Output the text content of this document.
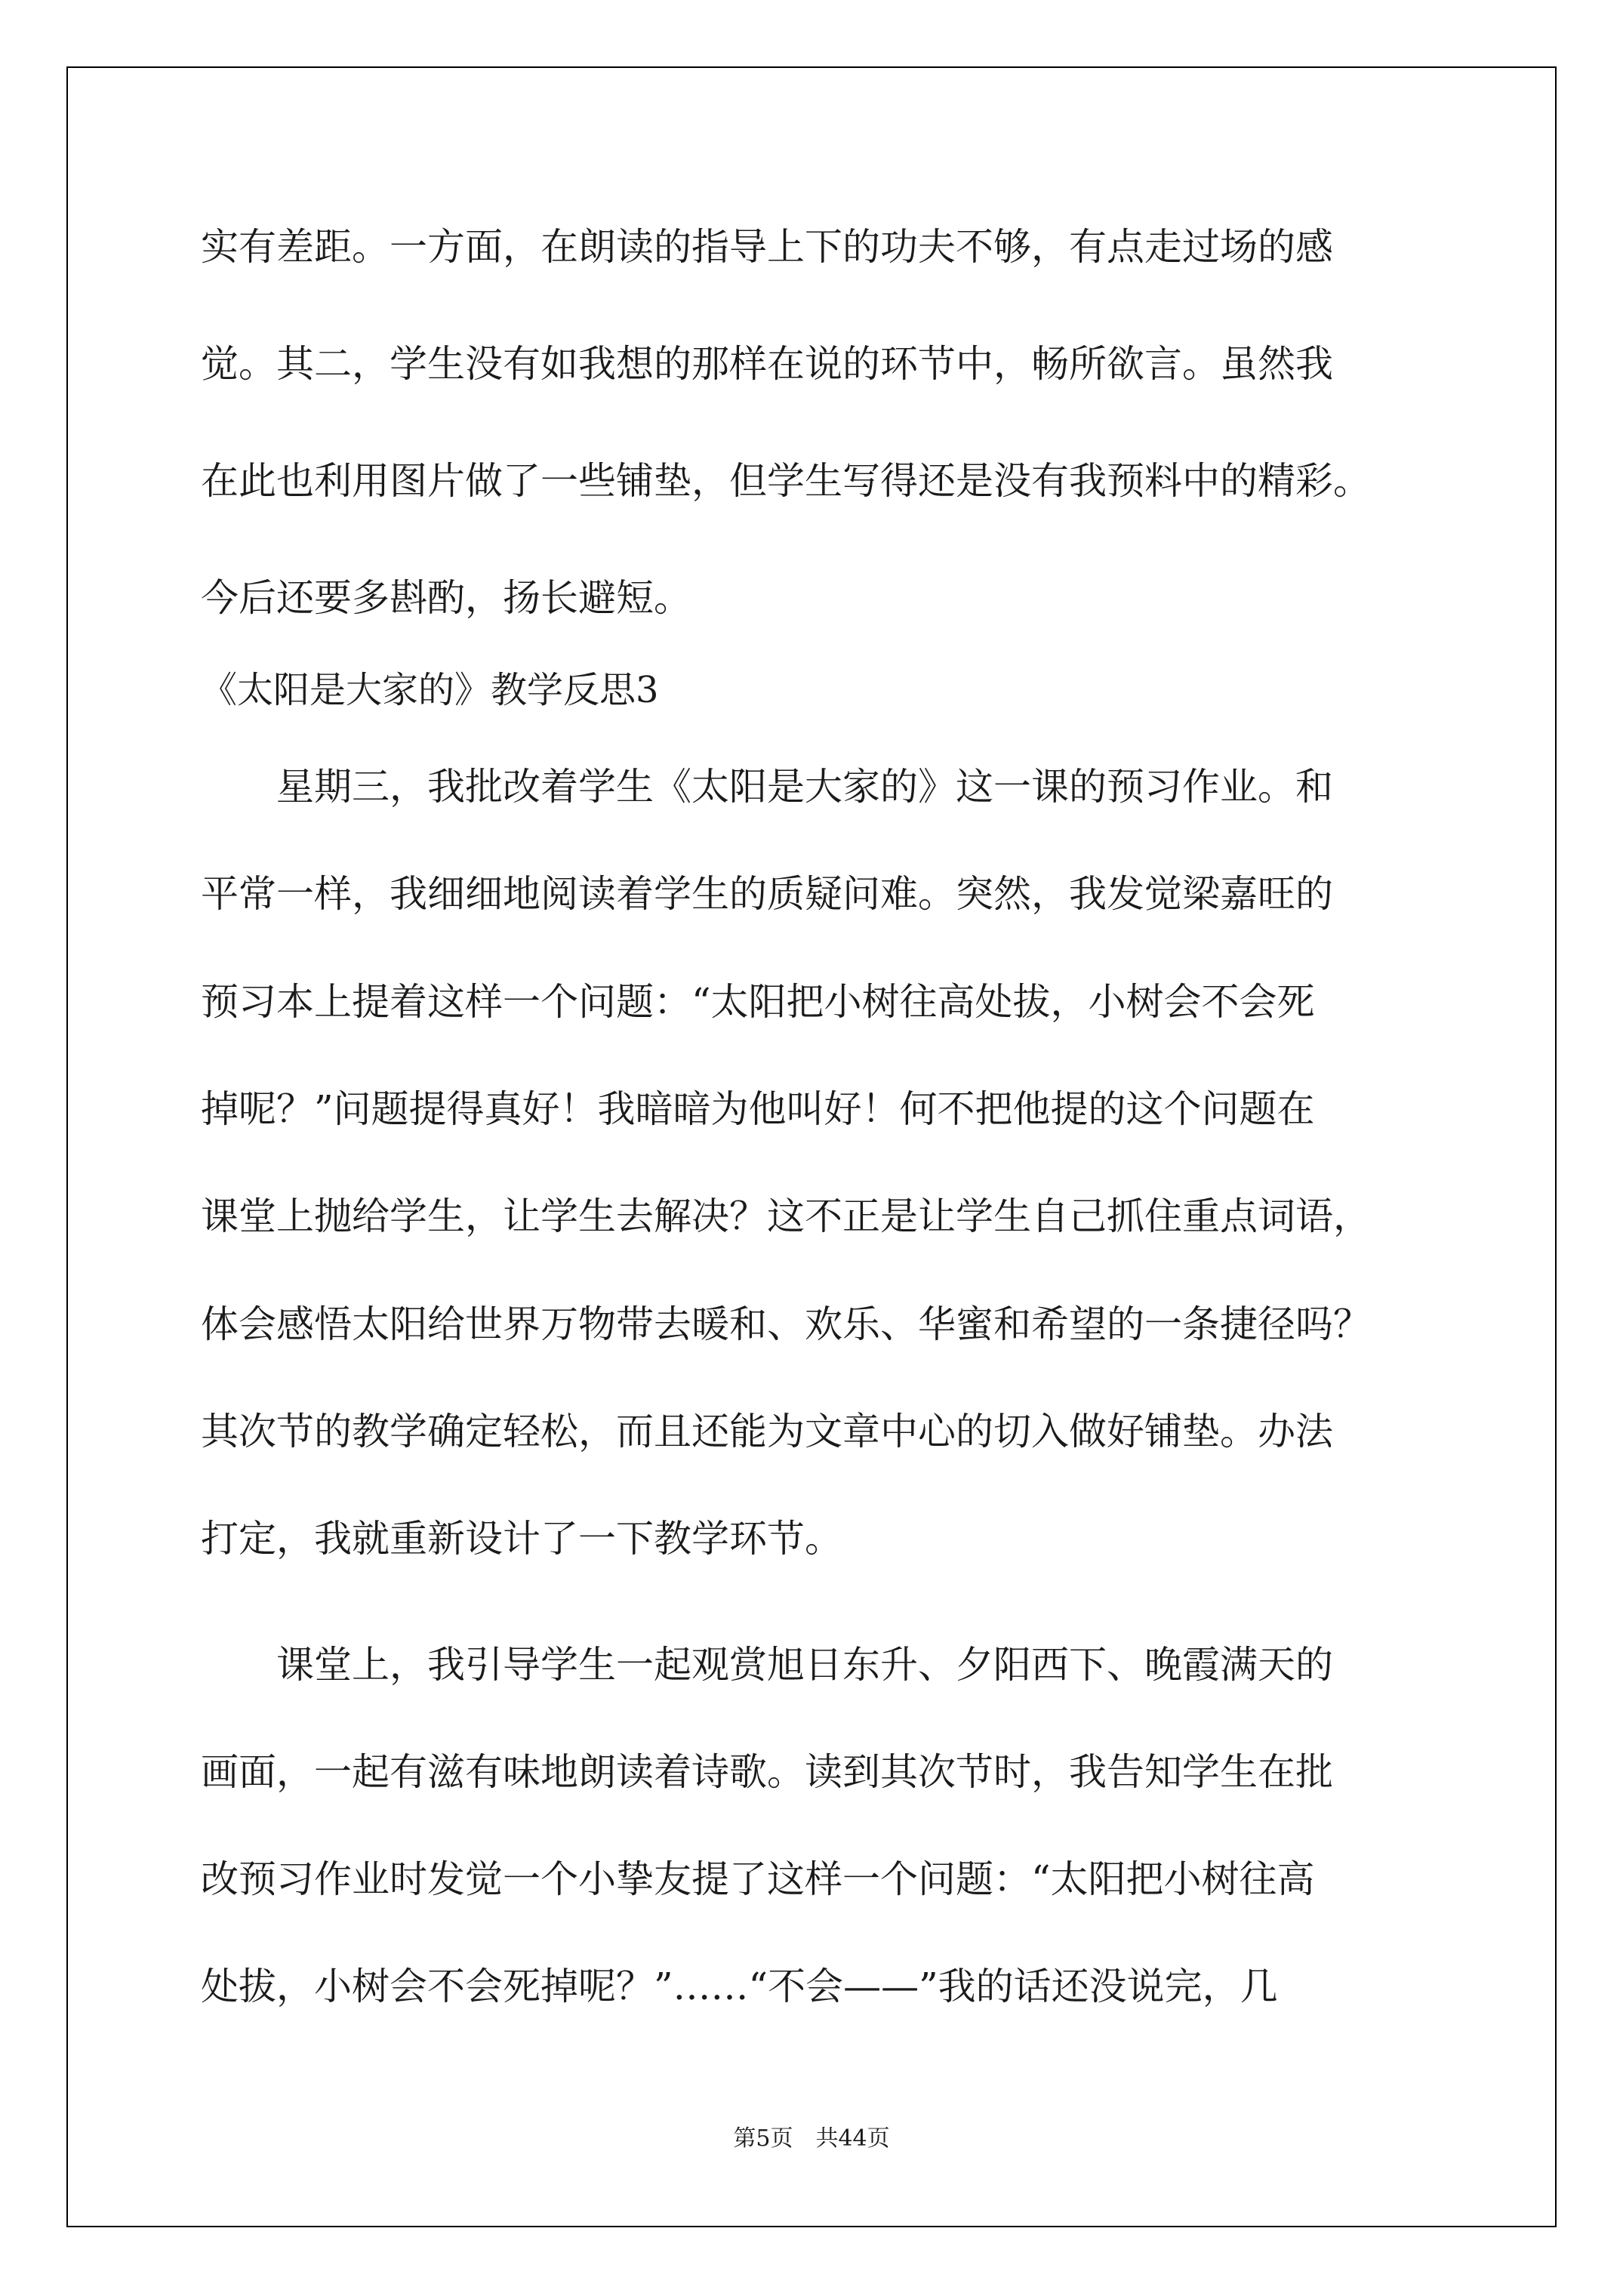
实有差距。一方面，在朗读的指导上下的功夫不够，有点走过场的感
觉。其二，学生没有如我想的那样在说的环节中，畅所欲言。虽然我
在此也利用图片做了一些铺垫，但学生写得还是没有我预料中的精彩。
今后还要多斟酌，扬长避短。
《太阳是大家的》教学反思3
　　星期三，我批改着学生《太阳是大家的》这一课的预习作业。和
平常一样，我细细地阅读着学生的质疑问难。突然，我发觉梁嘉旺的
预习本上提着这样一个问题：“太阳把小树往高处拔，小树会不会死
掉呢？”问题提得真好！我暗暗为他叫好！何不把他提的这个问题在
课堂上抛给学生，让学生去解决？这不正是让学生自己抓住重点词语，
体会感悟太阳给世界万物带去暖和、欢乐、华蜜和希望的一条捷径吗？
其次节的教学确定轻松，而且还能为文章中心的切入做好铺垫。办法
打定，我就重新设计了一下教学环节。
　　课堂上，我引导学生一起观赏旭日东升、夕阳西下、晚霞满天的
画面，一起有滋有味地朗读着诗歌。读到其次节时，我告知学生在批
改预习作业时发觉一个小挚友提了这样一个问题：“太阳把小树往高
处拔，小树会不会死掉呢？”……“不会——”我的话还没说完，几
第5页　共44页
